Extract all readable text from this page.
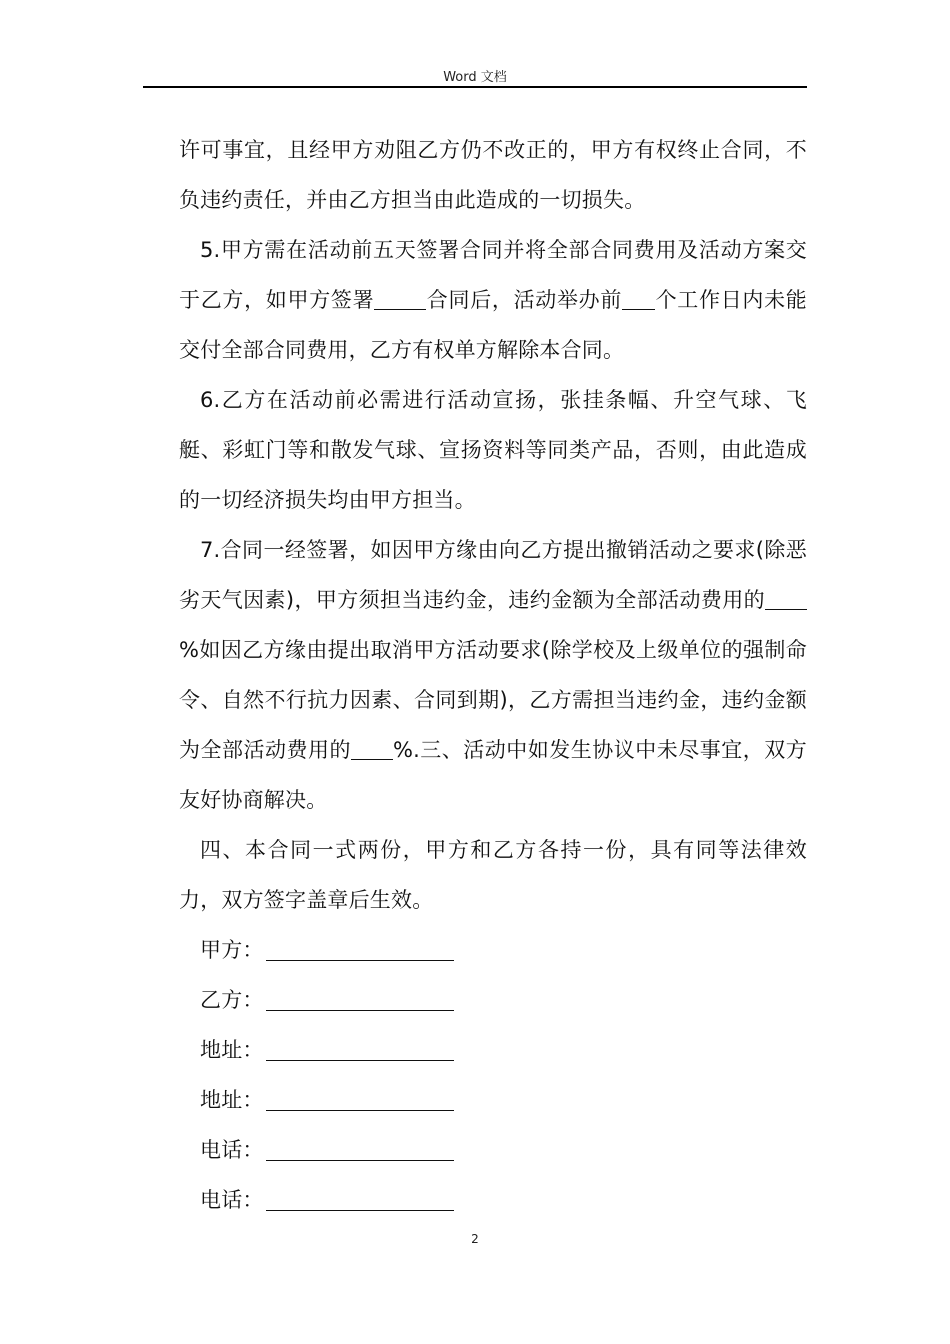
Word 文档

许可事宜，且经甲方劝阻乙方仍不改正的，甲方有权终止合同，不负违约责任，并由乙方担当由此造成的一切损失。

5.甲方需在活动前五天签署合同并将全部合同费用及活动方案交于乙方，如甲方签署 合同后，活动举办前 个工作日内未能交付全部合同费用，乙方有权单方解除本合同。

6.乙方在活动前必需进行活动宣扬，张挂条幅、升空气球、飞艇、彩虹门等和散发气球、宣扬资料等同类产品，否则，由此造成的一切经济损失均由甲方担当。

7.合同一经签署，如因甲方缘由向乙方提出撤销活动之要求(除恶劣天气因素)，甲方须担当违约金，违约金额为全部活动费用的%如因乙方缘由提出取消甲方活动要求(除学校及上级单位的强制命令、自然不行抗力因素、合同到期)，乙方需担当违约金，违约金额为全部活动费用的 %.三、活动中如发生协议中未尽事宜，双方友好协商解决。

四、本合同一式两份，甲方和乙方各持一份，具有同等法律效力，双方签字盖章后生效。

甲方：
乙方：
地址：
地址：
电话：
电话：
2
